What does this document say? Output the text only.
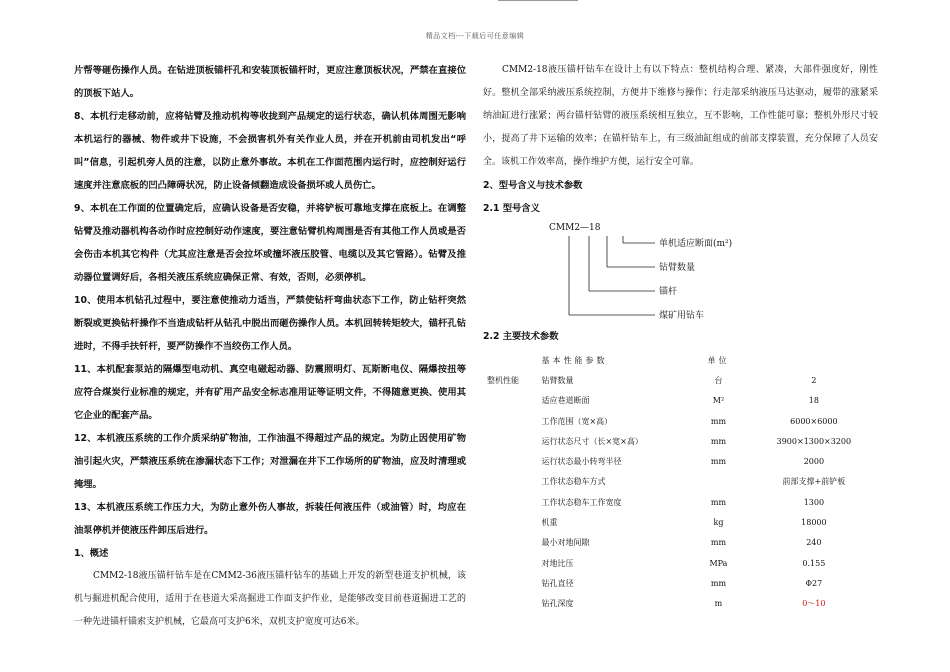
精品文档---下载后可任意编辑

片帮等砸伤操作人员。在钻进顶板锚杆孔和安装顶板锚杆时，更应注意顶板状况，严禁在直接位的顶板下站人。

8、本机行走移动前，应将钻臂及推动机构等收拢到产品规定的运行状态，确认机体周围无影响本机运行的器械、物件或井下设施，不会损害机外有关作业人员，并在开机前由司机发出“呼叫”信息，引起机旁人员的注意，以防止意外事故。本机在工作面范围内运行时，应控制好运行速度并注意底板的凹凸障碍状况，防止设备倾翻造成设备损坏或人员伤亡。

9、本机在工作面的位置确定后，应确认设备是否安稳，并将铲板可靠地支撑在底板上。在调整钻臂及推动器机构各动作时应控制好动作速度，要注意钻臂机构周围是否有其他工作人员或是否会伤击本机其它构件（尤其应注意是否会拉坏或撞坏液压胶管、电缆以及其它管路）。钻臂及推动器位置调好后，各相关液压系统应确保正常、有效，否则，必须停机。

10、使用本机钻孔过程中，要注意使推动力适当，严禁使钻杆弯曲状态下工作，防止钻杆突然断裂或更换钻杆操作不当造成钻杆从钻孔中脱出而砸伤操作人员。本机回转转矩较大，锚杆孔钻进时，不得手扶钎杆，要严防操作不当绞伤工作人员。

11、本机配套泵站的隔爆型电动机、真空电磁起动器、防震照明灯、瓦斯断电仪、隔爆按扭等应符合煤炭行业标准的规定，并有矿用产品安全标志准用证等证明文件，不得随意更换、使用其它企业的配套产品。

12、本机液压系统的工作介质采纳矿物油，工作油温不得超过产品的规定。为防止因使用矿物油引起火灾，严禁液压系统在渗漏状态下工作；对泄漏在井下工作场所的矿物油，应及时清理或掩埋。

13、本机液压系统工作压力大，为防止意外伤人事故，拆装任何液压件（或油管）时，均应在油泵停机并使液压件卸压后进行。

1、概述

CMM2-18液压锚杆钻车是在CMM2-36液压锚杆钻车的基础上开发的新型巷道支护机械，该机与掘进机配合使用，适用于在巷道大采高掘进工作面支护作业，是能够改变目前巷道掘进工艺的一种先进锚杆锚索支护机械，它最高可支护6米，双机支护宽度可达6米。

CMM2-18液压锚杆钻车在设计上有以下特点：整机结构合理、紧凑，大部件强度好，刚性好。整机全部采纳液压系统控制，方便井下维修与操作；行走部采纳液压马达驱动，履带的涨紧采纳油缸进行涨紧；两台锚杆钻臂的液压系统相互独立，互不影响，工作性能可靠；整机外形尺寸较小，提高了井下运输的效率；在锚杆钻车上，有三级油缸组成的前部支撑装置，充分保障了人员安全。该机工作效率高，操作维护方便，运行安全可靠。

2、型号含义与技术参数

2.1 型号含义

CMM2—18
单机适应断面(m²)
钻臂数量
锚杆
煤矿用钻车

2.2 主要技术参数

	基本性能参数	单位	
整机性能	钻臂数量	台	2
	适应巷道断面	M²	18
	工作范围（宽×高）	mm	6000×6000
	运行状态尺寸（长×宽×高）	mm	3900×1300×3200
	运行状态最小转弯半径	mm	2000
	工作状态稳车方式		前部支撑+前铲板
	工作状态稳车工作宽度	mm	1300
	机重	kg	18000
	最小对地间隙	mm	240
	对地比压	MPa	0.155
	钻孔直径	mm	Φ27
	钻孔深度	m	0～10
